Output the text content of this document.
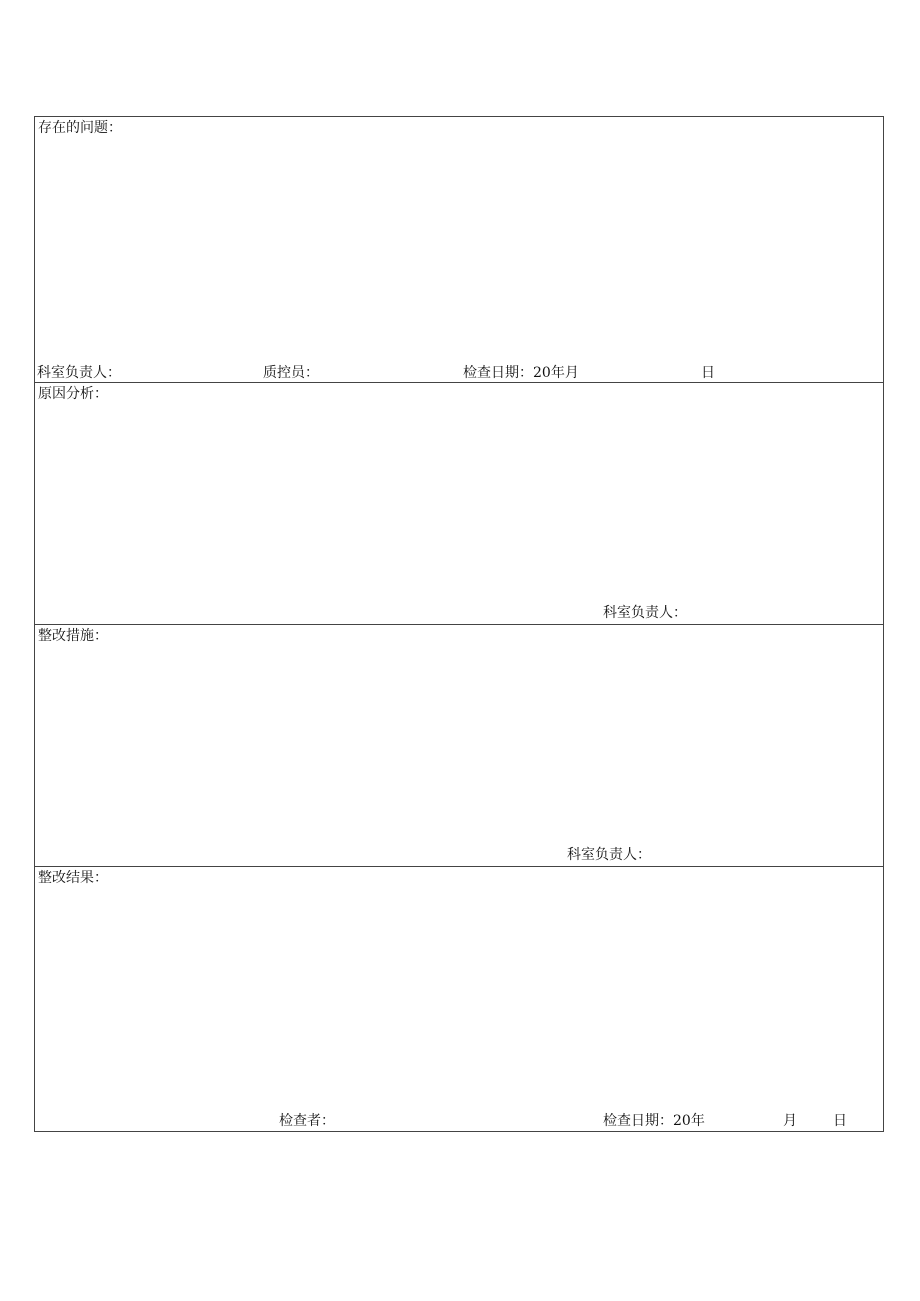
存在的问题：
科室负责人：	质控员：	检查日期：20年月	日
原因分析：
科室负责人：
整改措施：
科室负责人：
整改结果：
检查者：	检查日期：20年	月	日
